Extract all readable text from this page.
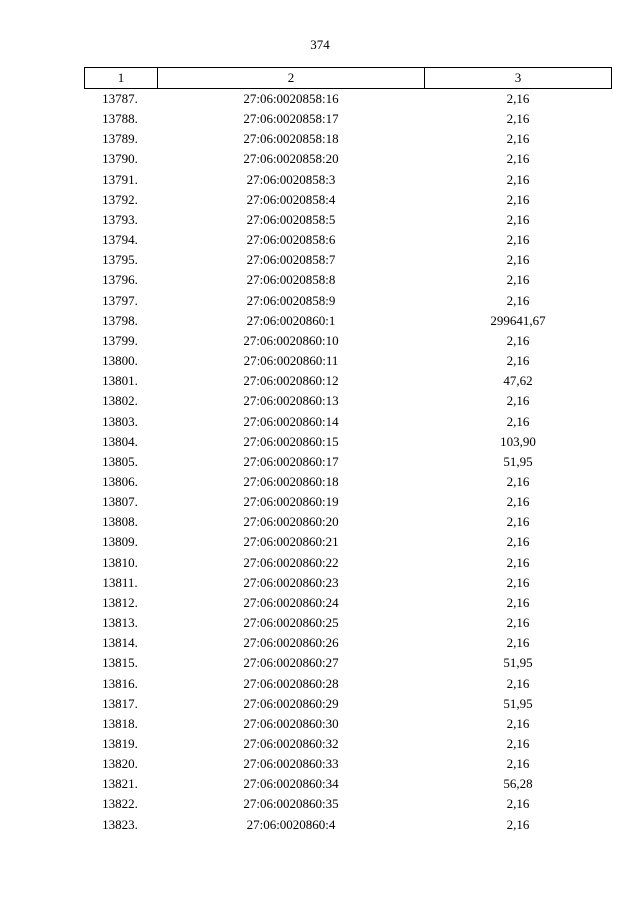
374
1	2	3
13787.	27:06:0020858:16	2,16
13788.	27:06:0020858:17	2,16
13789.	27:06:0020858:18	2,16
13790.	27:06:0020858:20	2,16
13791.	27:06:0020858:3	2,16
13792.	27:06:0020858:4	2,16
13793.	27:06:0020858:5	2,16
13794.	27:06:0020858:6	2,16
13795.	27:06:0020858:7	2,16
13796.	27:06:0020858:8	2,16
13797.	27:06:0020858:9	2,16
13798.	27:06:0020860:1	299641,67
13799.	27:06:0020860:10	2,16
13800.	27:06:0020860:11	2,16
13801.	27:06:0020860:12	47,62
13802.	27:06:0020860:13	2,16
13803.	27:06:0020860:14	2,16
13804.	27:06:0020860:15	103,90
13805.	27:06:0020860:17	51,95
13806.	27:06:0020860:18	2,16
13807.	27:06:0020860:19	2,16
13808.	27:06:0020860:20	2,16
13809.	27:06:0020860:21	2,16
13810.	27:06:0020860:22	2,16
13811.	27:06:0020860:23	2,16
13812.	27:06:0020860:24	2,16
13813.	27:06:0020860:25	2,16
13814.	27:06:0020860:26	2,16
13815.	27:06:0020860:27	51,95
13816.	27:06:0020860:28	2,16
13817.	27:06:0020860:29	51,95
13818.	27:06:0020860:30	2,16
13819.	27:06:0020860:32	2,16
13820.	27:06:0020860:33	2,16
13821.	27:06:0020860:34	56,28
13822.	27:06:0020860:35	2,16
13823.	27:06:0020860:4	2,16
